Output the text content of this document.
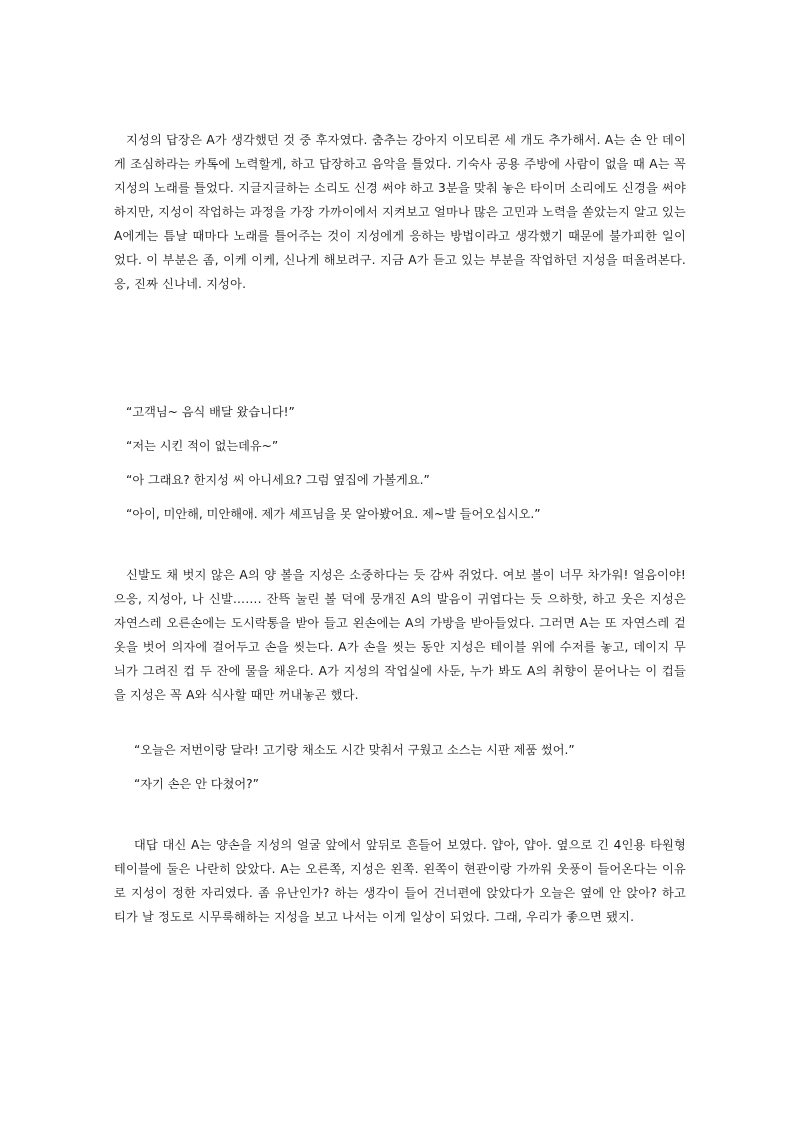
지성의 답장은 A가 생각했던 것 중 후자였다. 춤추는 강아지 이모티콘 세 개도 추가해서. A는 손 안 데이게 조심하라는 카톡에 노력할게, 하고 답장하고 음악을 틀었다. 기숙사 공용 주방에 사람이 없을 때 A는 꼭 지성의 노래를 틀었다. 지글지글하는 소리도 신경 써야 하고 3분을 맞춰 놓은 타이머 소리에도 신경을 써야 하지만, 지성이 작업하는 과정을 가장 가까이에서 지켜보고 얼마나 많은 고민과 노력을 쏟았는지 알고 있는 A에게는 틈날 때마다 노래를 틀어주는 것이 지성에게 응하는 방법이라고 생각했기 때문에 불가피한 일이었다. 이 부분은 좀, 이케 이케, 신나게 해보려구. 지금 A가 듣고 있는 부분을 작업하던 지성을 떠올려본다. 응, 진짜 신나네. 지성아.

“고객님~ 음식 배달 왔습니다!”

“저는 시킨 적이 없는데유~”

“아 그래요? 한지성 씨 아니세요? 그럼 옆집에 가볼게요.”

“아이, 미안해, 미안해애. 제가 셰프님을 못 알아봤어요. 제~발 들어오십시오.”

신발도 채 벗지 않은 A의 양 볼을 지성은 소중하다는 듯 감싸 쥐었다. 여보 볼이 너무 차가워! 얼음이야! 으응, 지성아, 나 신발……. 잔뜩 눌린 볼 덕에 뭉개진 A의 발음이 귀엽다는 듯 으하핫, 하고 웃은 지성은 자연스레 오른손에는 도시락통을 받아 들고 왼손에는 A의 가방을 받아들었다. 그러면 A는 또 자연스레 겉옷을 벗어 의자에 걸어두고 손을 씻는다. A가 손을 씻는 동안 지성은 테이블 위에 수저를 놓고, 데이지 무늬가 그려진 컵 두 잔에 물을 채운다. A가 지성의 작업실에 사둔, 누가 봐도 A의 취향이 묻어나는 이 컵들을 지성은 꼭 A와 식사할 때만 꺼내놓곤 했다.

“오늘은 저번이랑 달라! 고기랑 채소도 시간 맞춰서 구웠고 소스는 시판 제품 썼어.”

“자기 손은 안 다쳤어?”

대답 대신 A는 양손을 지성의 얼굴 앞에서 앞뒤로 흔들어 보였다. 얍아, 얍아. 옆으로 긴 4인용 타원형 테이블에 둘은 나란히 앉았다. A는 오른쪽, 지성은 왼쪽. 왼쪽이 현관이랑 가까워 웃풍이 들어온다는 이유로 지성이 정한 자리였다. 좀 유난인가? 하는 생각이 들어 건너편에 앉았다가 오늘은 옆에 안 앉아? 하고 티가 날 정도로 시무룩해하는 지성을 보고 나서는 이게 일상이 되었다. 그래, 우리가 좋으면 됐지.
